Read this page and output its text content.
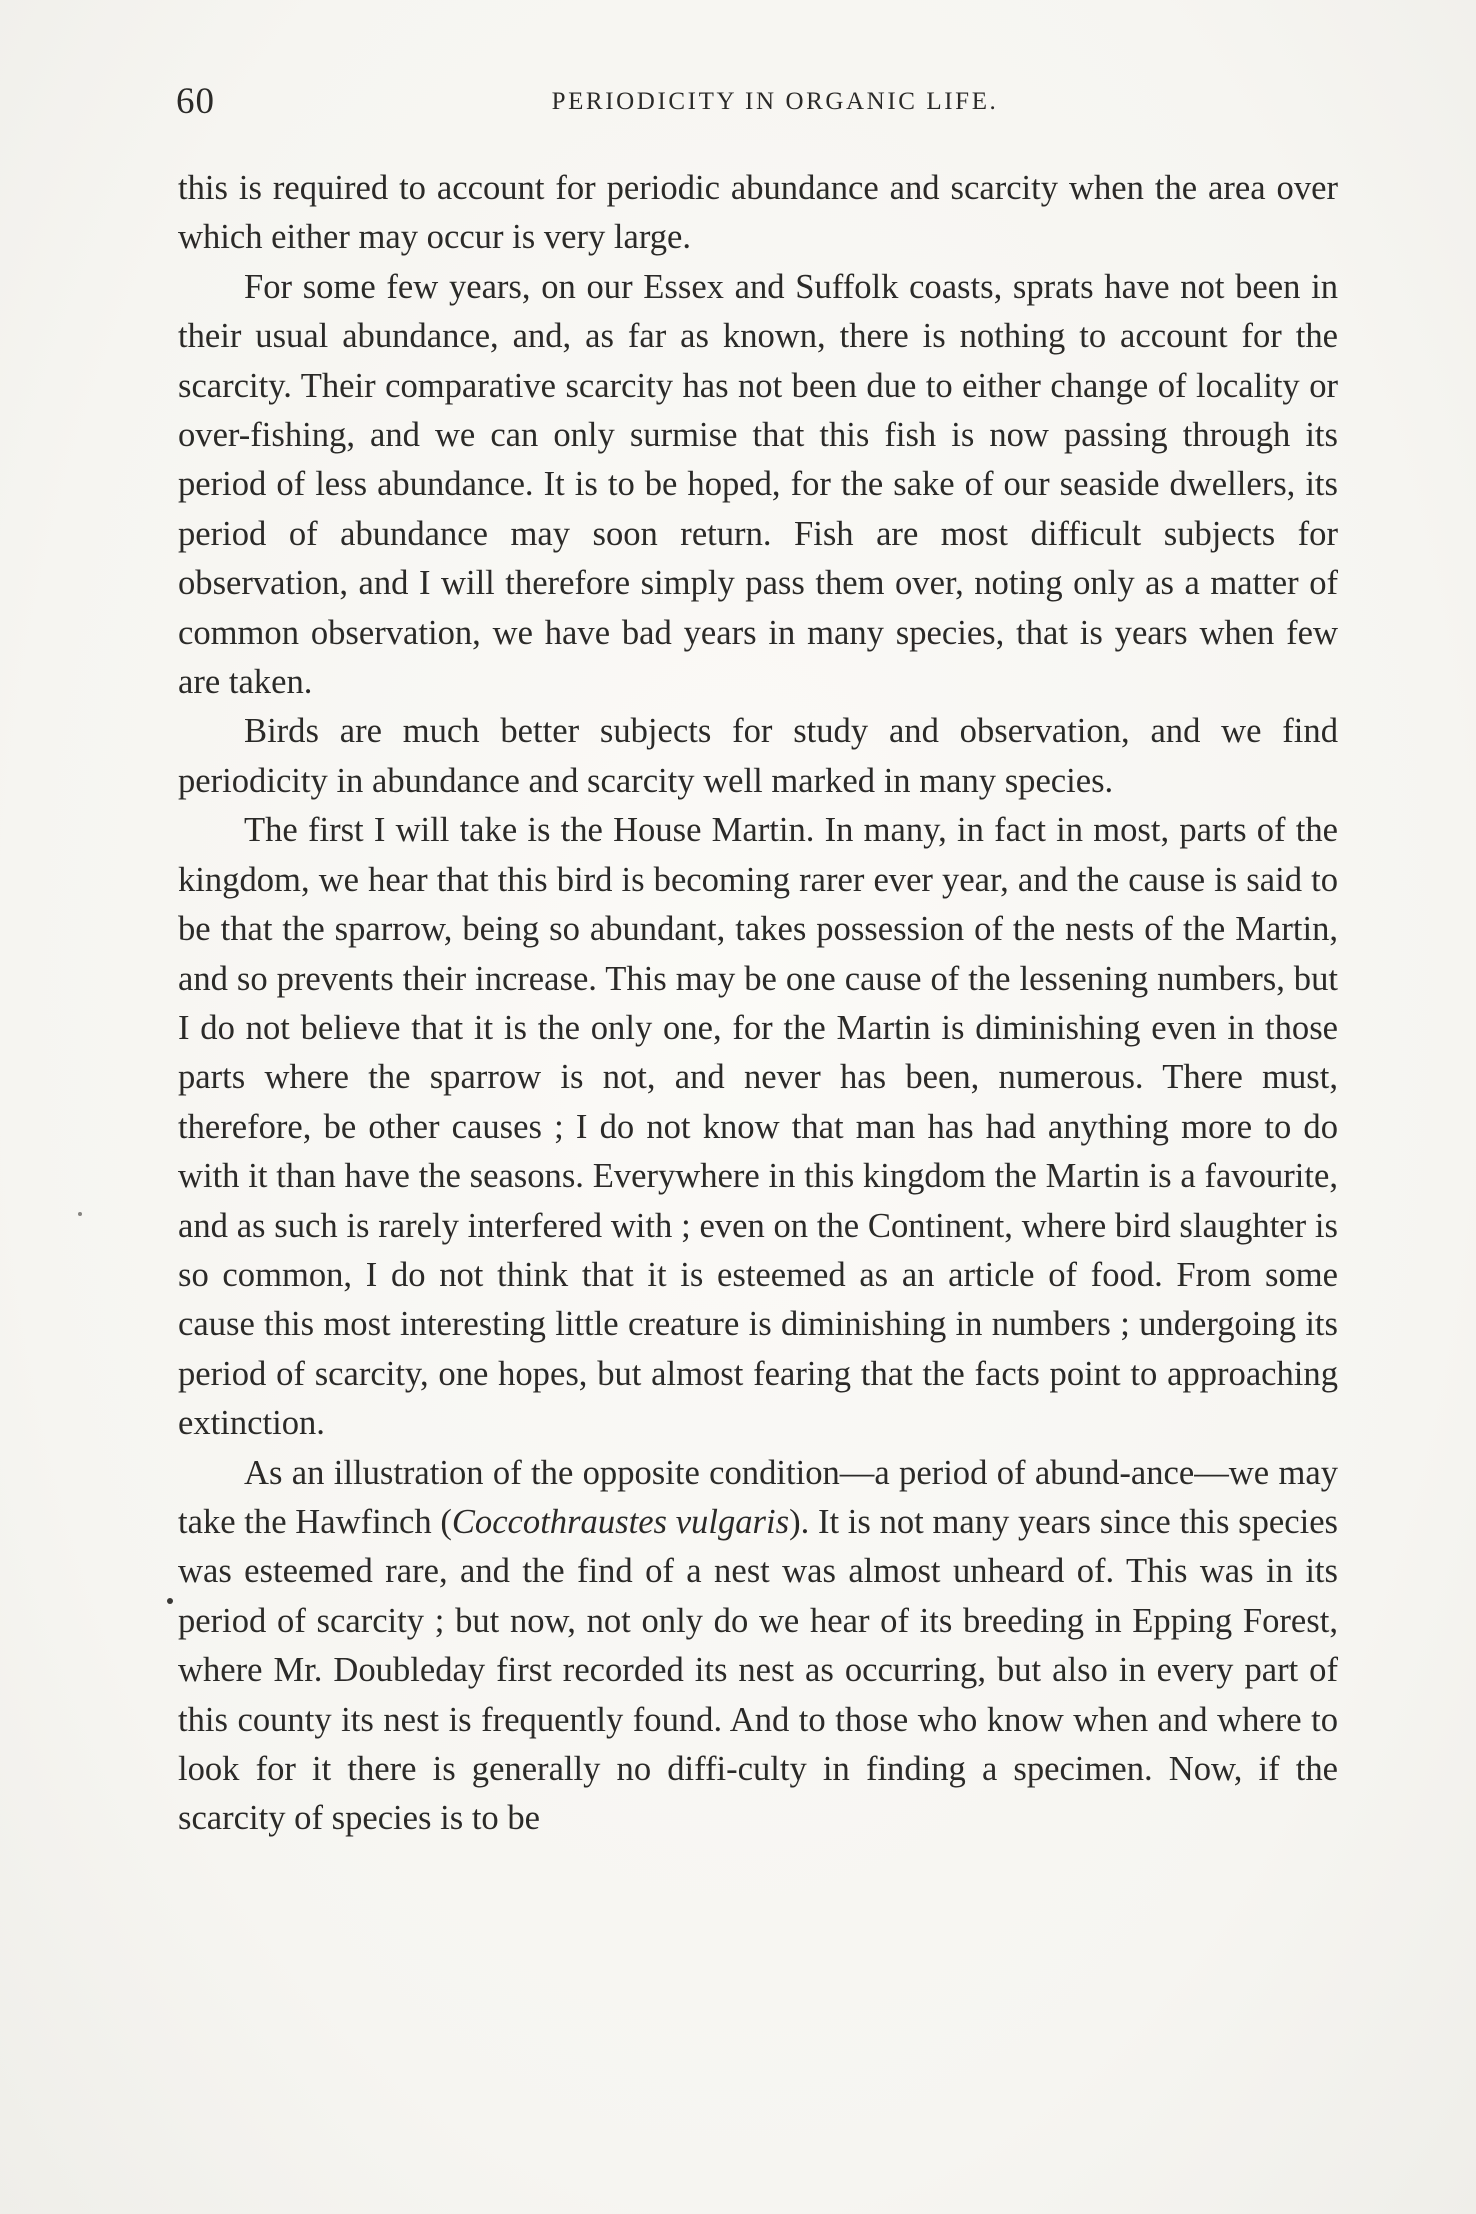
60	PERIODICITY IN ORGANIC LIFE.

this is required to account for periodic abundance and scarcity when the area over which either may occur is very large.

For some few years, on our Essex and Suffolk coasts, sprats have not been in their usual abundance, and, as far as known, there is nothing to account for the scarcity. Their comparative scarcity has not been due to either change of locality or over-fishing, and we can only surmise that this fish is now passing through its period of less abundance. It is to be hoped, for the sake of our seaside dwellers, its period of abundance may soon return. Fish are most difficult subjects for observation, and I will therefore simply pass them over, noting only as a matter of common observation, we have bad years in many species, that is years when few are taken.

Birds are much better subjects for study and observation, and we find periodicity in abundance and scarcity well marked in many species.

The first I will take is the House Martin. In many, in fact in most, parts of the kingdom, we hear that this bird is becoming rarer ever year, and the cause is said to be that the sparrow, being so abundant, takes possession of the nests of the Martin, and so prevents their increase. This may be one cause of the lessening numbers, but I do not believe that it is the only one, for the Martin is diminishing even in those parts where the sparrow is not, and never has been, numerous. There must, therefore, be other causes ; I do not know that man has had anything more to do with it than have the seasons. Everywhere in this kingdom the Martin is a favourite, and as such is rarely interfered with ; even on the Continent, where bird slaughter is so common, I do not think that it is esteemed as an article of food. From some cause this most interesting little creature is diminishing in numbers ; undergoing its period of scarcity, one hopes, but almost fearing that the facts point to approaching extinction.

As an illustration of the opposite condition—a period of abund-ance—we may take the Hawfinch (Coccothraustes vulgaris). It is not many years since this species was esteemed rare, and the find of a nest was almost unheard of. This was in its period of scarcity ; but now, not only do we hear of its breeding in Epping Forest, where Mr. Doubleday first recorded its nest as occurring, but also in every part of this county its nest is frequently found. And to those who know when and where to look for it there is generally no diffi-culty in finding a specimen. Now, if the scarcity of species is to be
